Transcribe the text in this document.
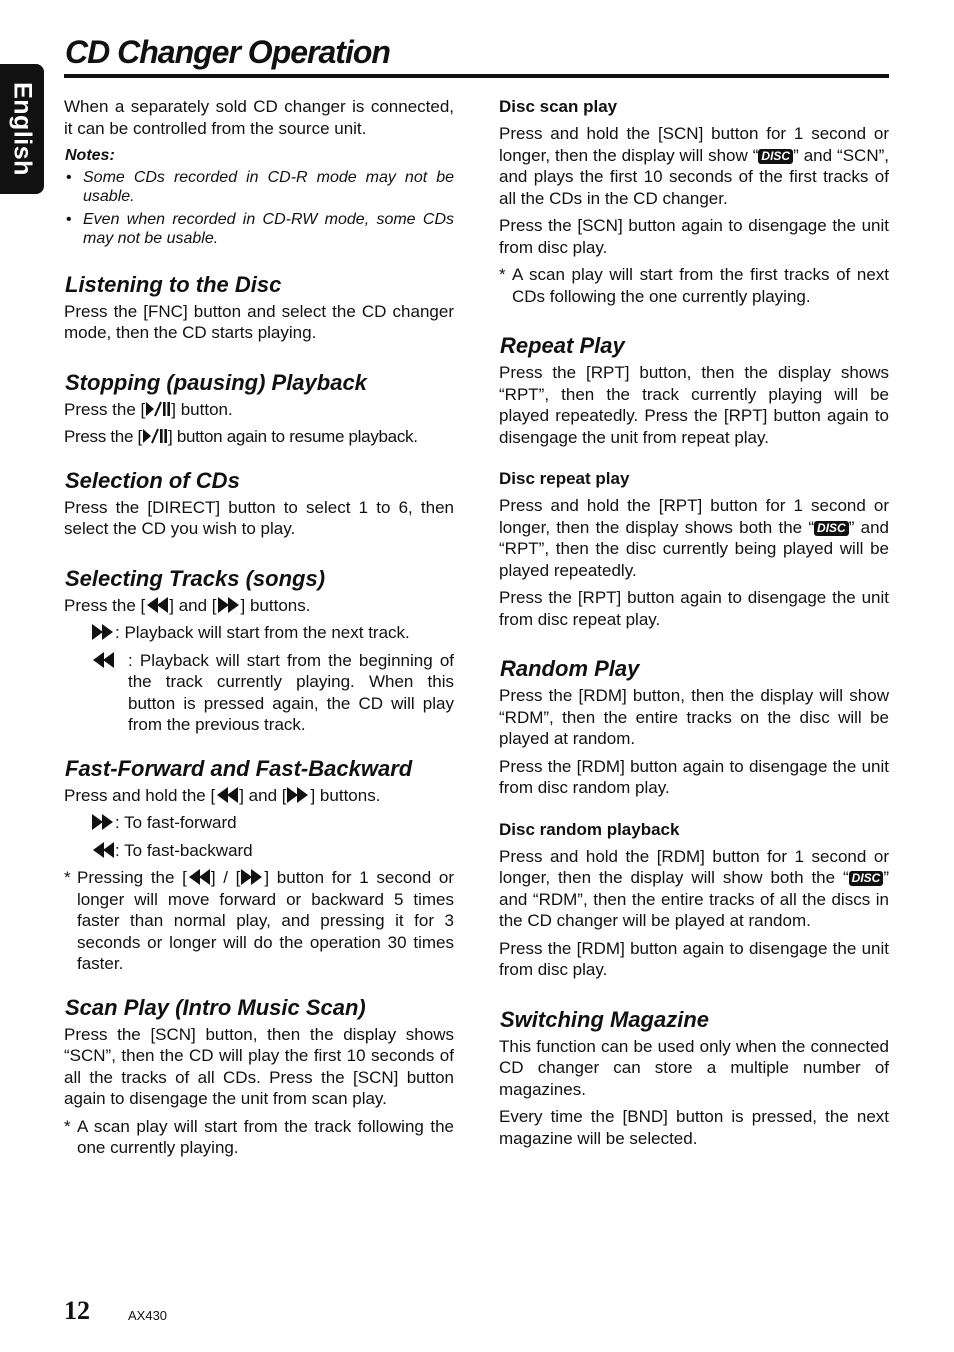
English
CD Changer Operation

When a separately sold CD changer is connected, it can be controlled from the source unit.

Notes:

• Some CDs recorded in CD-R mode may not be usable.

• Even when recorded in CD-RW mode, some CDs may not be usable.

Listening to the Disc

Press the [FNC] button and select the CD changer mode, then the CD starts playing.

Stopping (pausing) Playback

Press the [ ] button.

Press the [ ] button again to resume playback.

Selection of CDs

Press the [DIRECT] button to select 1 to 6, then select the CD you wish to play.

Selecting Tracks (songs)

Press the [ ] and [ ] buttons.

: Playback will start from the next track.

: Playback will start from the beginning of the track currently playing. When this button is pressed again, the CD will play from the previous track.

Fast-Forward and Fast-Backward

Press and hold the [ ] and [ ] buttons.

: To fast-forward

: To fast-backward

* Pressing the [ ] / [ ] button for 1 second or longer will move forward or backward 5 times faster than normal play, and pressing it for 3 seconds or longer will do the operation 30 times faster.

Scan Play (Intro Music Scan)

Press the [SCN] button, then the display shows “SCN”, then the CD will play the first 10 seconds of all the tracks of all CDs. Press the [SCN] button again to disengage the unit from scan play.

* A scan play will start from the track following the one currently playing.

Disc scan play

Press and hold the [SCN] button for 1 second or longer, then the display will show “ DISC ” and “SCN”, and plays the first 10 seconds of the first tracks of all the CDs in the CD changer.

Press the [SCN] button again to disengage the unit from disc play.

* A scan play will start from the first tracks of next CDs following the one currently playing.

Repeat Play

Press the [RPT] button, then the display shows “RPT”, then the track currently playing will be played repeatedly. Press the [RPT] button again to disengage the unit from repeat play.

Disc repeat play

Press and hold the [RPT] button for 1 second or longer, then the display shows both the “ DISC ” and “RPT”, then the disc currently being played will be played repeatedly.

Press the [RPT] button again to disengage the unit from disc repeat play.

Random Play

Press the [RDM] button, then the display will show “RDM”, then the entire tracks on the disc will be played at random.

Press the [RDM] button again to disengage the unit from disc random play.

Disc random playback

Press and hold the [RDM] button for 1 second or longer, then the display will show both the “ DISC ” and “RDM”, then the entire tracks of all the discs in the CD changer will be played at random.

Press the [RDM] button again to disengage the unit from disc play.

Switching Magazine

This function can be used only when the connected CD changer can store a multiple number of magazines.

Every time the [BND] button is pressed, the next magazine will be selected.

12	AX430
